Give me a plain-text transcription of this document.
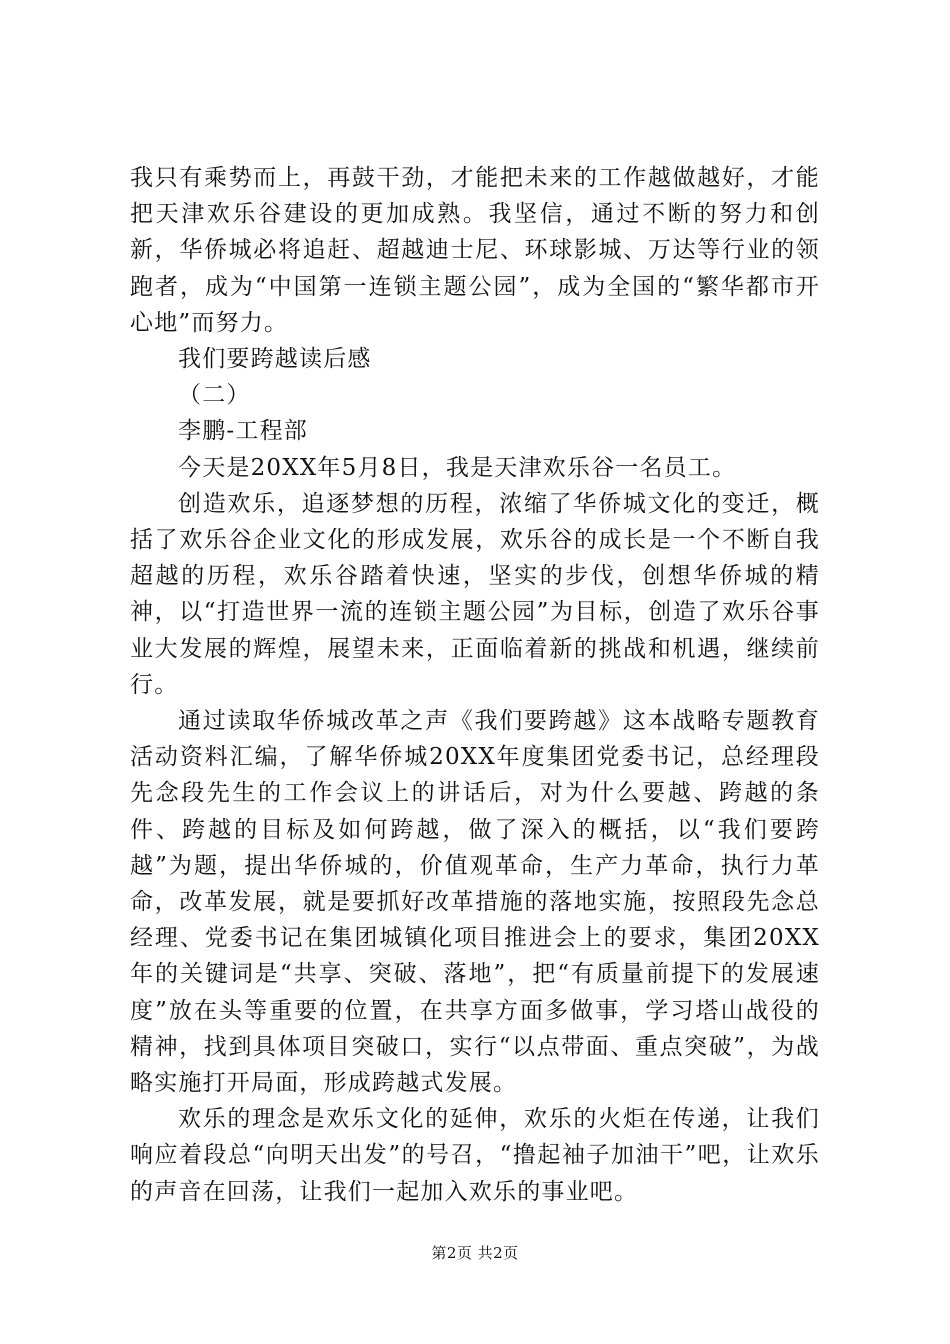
我只有乘势而上，再鼓干劲，才能把未来的工作越做越好，才能把天津欢乐谷建设的更加成熟。我坚信，通过不断的努力和创新，华侨城必将追赶、超越迪士尼、环球影城、万达等行业的领跑者，成为“中国第一连锁主题公园”，成为全国的“繁华都市开心地”而努力。

我们要跨越读后感

（二）

李鹏-工程部

今天是20XX年5月8日，我是天津欢乐谷一名员工。

创造欢乐，追逐梦想的历程，浓缩了华侨城文化的变迁，概括了欢乐谷企业文化的形成发展，欢乐谷的成长是一个不断自我超越的历程，欢乐谷踏着快速，坚实的步伐，创想华侨城的精神，以“打造世界一流的连锁主题公园”为目标，创造了欢乐谷事业大发展的辉煌，展望未来，正面临着新的挑战和机遇，继续前行。

通过读取华侨城改革之声《我们要跨越》这本战略专题教育活动资料汇编，了解华侨城20XX年度集团党委书记，总经理段先念段先生的工作会议上的讲话后，对为什么要越、跨越的条件、跨越的目标及如何跨越，做了深入的概括，以“我们要跨越”为题，提出华侨城的，价值观革命，生产力革命，执行力革命，改革发展，就是要抓好改革措施的落地实施，按照段先念总经理、党委书记在集团城镇化项目推进会上的要求，集团20XX年的关键词是“共享、突破、落地”，把“有质量前提下的发展速度”放在头等重要的位置，在共享方面多做事，学习塔山战役的精神，找到具体项目突破口，实行“以点带面、重点突破”，为战略实施打开局面，形成跨越式发展。

欢乐的理念是欢乐文化的延伸，欢乐的火炬在传递，让我们响应着段总“向明天出发”的号召，“撸起袖子加油干”吧，让欢乐的声音在回荡，让我们一起加入欢乐的事业吧。

第2页 共2页
